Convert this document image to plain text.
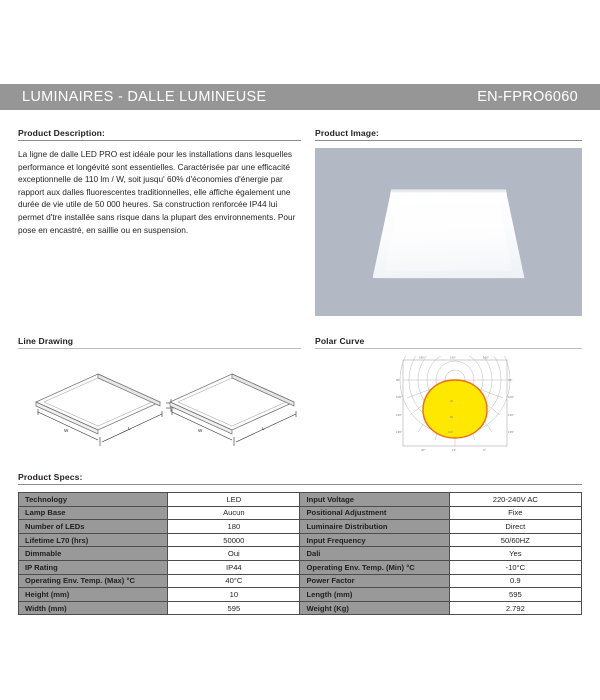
LUMINAIRES - DALLE LUMINEUSE	EN-FPRO6060
Product Description:
La ligne de dalle LED PRO est idéale pour les installations dans lesquelles performance et longévité sont essentielles. Caractérisée par une efficacité exceptionnelle de 110 lm / W, soit jusqu' 60% d'économies d'énergie par rapport aux dalles fluorescentes traditionnelles, elle affiche également une durée de vie utile de 50 000 heures. Sa construction renforcée IP44 lui permet d'tre installée sans risque dans la plupart des environnements. Pour pose en encastré, en saillie ou en suspension.
Product Image:
Line Drawing
W	L	W	L
Polar Curve
180°	165°	150°
90°	90°
105°	105°
120°	120°
135°	135°
30°	15°	0°
40
80
120
Product Specs:
Technology	LED	Input Voltage	220-240V AC
Lamp Base	Aucun	Positional Adjustment	Fixe
Number of LEDs	180	Luminaire Distribution	Direct
Lifetime L70 (hrs)	50000	Input Frequency	50/60HZ
Dimmable	Oui	Dali	Yes
IP Rating	IP44	Operating Env. Temp. (Min) °C	-10°C
Operating Env. Temp. (Max) °C	40°C	Power Factor	0.9
Height (mm)	10	Length (mm)	595
Width (mm)	595	Weight (Kg)	2.792
